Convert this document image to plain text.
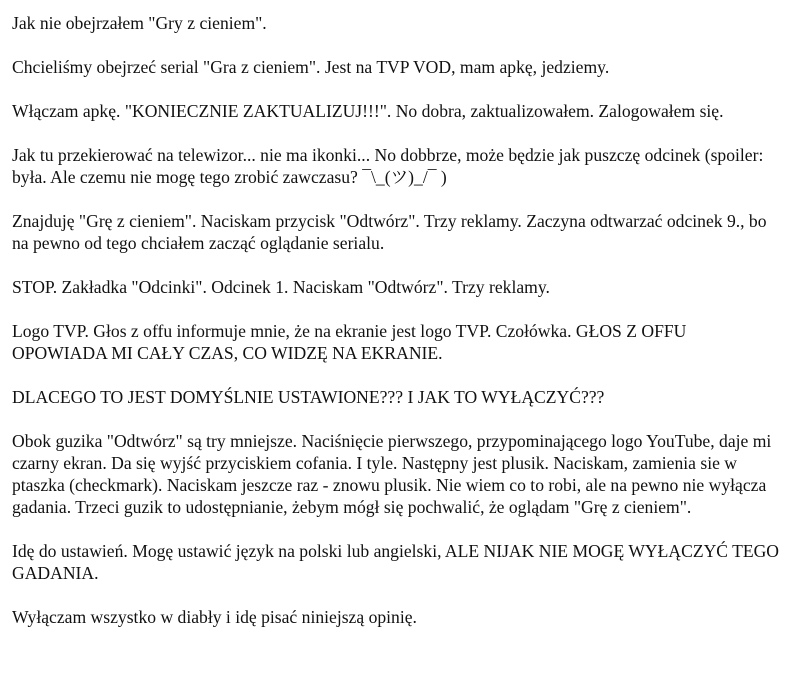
Jak nie obejrzałem "Gry z cieniem".

Chcieliśmy obejrzeć serial "Gra z cieniem". Jest na TVP VOD, mam apkę, jedziemy.

Włączam apkę. "KONIECZNIE ZAKTUALIZUJ!!!". No dobra, zaktualizowałem. Zalogowałem się.

Jak tu przekierować na telewizor... nie ma ikonki... No dobbrze, może będzie jak puszczę odcinek (spoiler: była. Ale czemu nie mogę tego zrobić zawczasu? ¯\_(ツ)_/¯ )

Znajduję "Grę z cieniem". Naciskam przycisk "Odtwórz". Trzy reklamy. Zaczyna odtwarzać odcinek 9., bo na pewno od tego chciałem zacząć oglądanie serialu.

STOP. Zakładka "Odcinki". Odcinek 1. Naciskam "Odtwórz". Trzy reklamy.

Logo TVP. Głos z offu informuje mnie, że na ekranie jest logo TVP. Czołówka. GŁOS Z OFFU OPOWIADA MI CAŁY CZAS, CO WIDZĘ NA EKRANIE.

DLACEGO TO JEST DOMYŚLNIE USTAWIONE??? I JAK TO WYŁĄCZYĆ???

Obok guzika "Odtwórz" są try mniejsze. Naciśnięcie pierwszego, przypominającego logo YouTube, daje mi czarny ekran. Da się wyjść przyciskiem cofania. I tyle. Następny jest plusik. Naciskam, zamienia sie w ptaszka (checkmark). Naciskam jeszcze raz - znowu plusik. Nie wiem co to robi, ale na pewno nie wyłącza gadania. Trzeci guzik to udostępnianie, żebym mógł się pochwalić, że oglądam "Grę z cieniem".

Idę do ustawień. Mogę ustawić język na polski lub angielski, ALE NIJAK NIE MOGĘ WYŁĄCZYĆ TEGO GADANIA.

Wyłączam wszystko w diabły i idę pisać niniejszą opinię.
